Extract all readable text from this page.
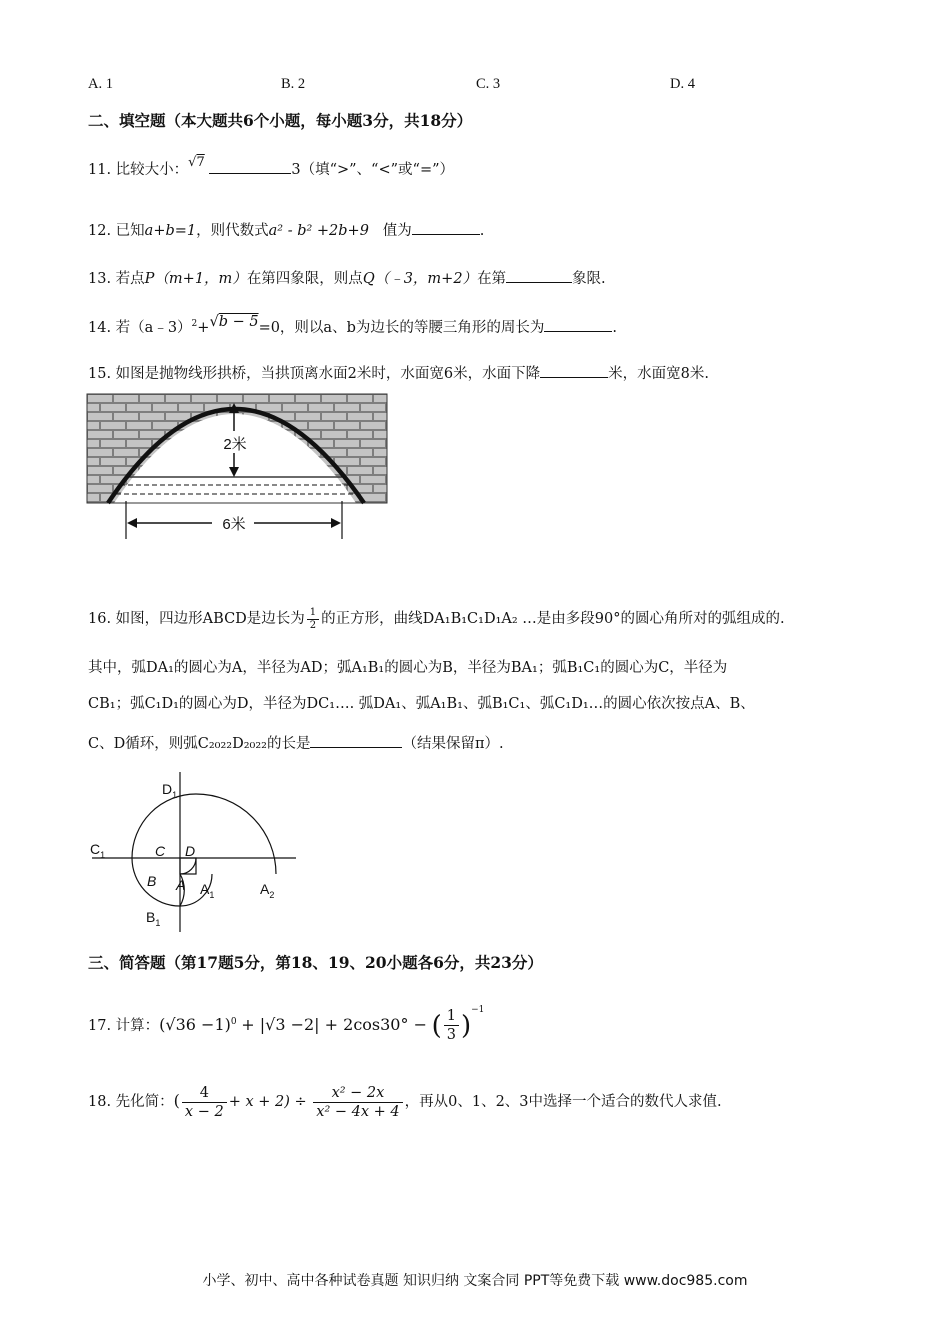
A. 1	B. 2	C. 3	D. 4
二、填空题（本大题共6个小题，每小题3分，共18分）
11. 比较大小：√7	3（填“>”、“<”或“=”）
12. 已知a+b=1，则代数式a² - b² +2b+9 值为	.
13. 若点P（m+1，m）在第四象限，则点Q（﹣3，m+2）在第	象限.
14. 若（a﹣3）$^2$+√b − 5=0，则以a、b为边长的等腰三角形的周长为	.
15. 如图是抛物线形拱桥，当拱顶离水面2米时，水面宽6米，水面下降	米，水面宽8米.
2米
6米
16. 如图，四边形ABCD是边长为 $\frac{1}{2}$ 的正方形，曲线DA₁B₁C₁D₁A₂ …是由多段90°的圆心角所对的弧组成的.
其中，弧DA₁的圆心为A，半径为AD；弧A₁B₁的圆心为B，半径为BA₁；弧B₁C₁的圆心为C，半径为
CB₁；弧C₁D₁的圆心为D，半径为DC₁…. 弧DA₁、弧A₁B₁、弧B₁C₁、弧C₁D₁…的圆心依次按点A、B、
C、D循环，则弧C₂₀₂₂D₂₀₂₂的长是	（结果保留π）.
$D_1$
$C_1$	C D
B A $A_1$	$A_2$
$B_1$
三、简答题（第17题5分，第18、19、20小题各6分，共23分）
17. 计算：$(√36 -1)^0 + |√3 -2| + 2\cos 30^\circ$ − ( $\frac{1}{3} )^{-1}$
18. 先化简：( $\frac{4}{x - 2} + x + 2) \div \frac{\text{x² − 2x}}{\text{x² − 4x + 4}}$ ，再从0、1、2、3中选择一个适合的数代人求值.
小学、初中、高中各种试卷真题 知识归纳 文案合同 PPT等免费下载 www.doc985.com
